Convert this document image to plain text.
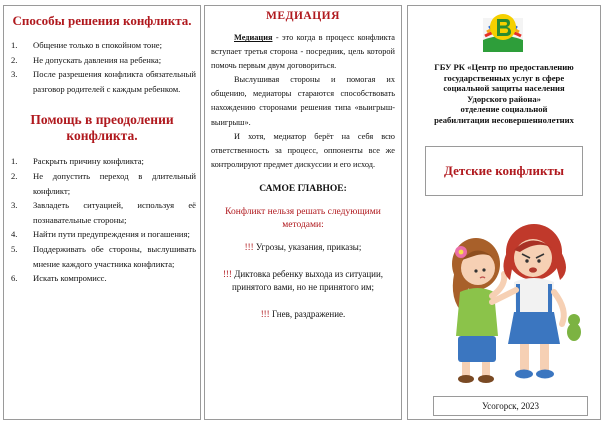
Способы решения конфликта.
1. Общение только в спокойном тоне;
2. Не допускать давления на ребенка;
3. После разрешения конфликта обязательный разговор родителей с каждым ребенком.
Помощь в преодолении конфликта.
1. Раскрыть причину конфликта;
2. Не допустить переход в длительный конфликт;
3. Завладеть ситуацией, используя её познавательные стороны;
4. Найти пути предупреждения и погашения;
5. Поддерживать обе стороны, выслушивать мнение каждого участника конфликта;
6. Искать компромисс.
МЕДИАЦИЯ

Медиация - это когда в процесс конфликта вступает третья сторона - посредник, цель которой помочь первым двум договориться.

Выслушивая стороны и помогая их общению, медиаторы стараются способствовать нахождению сторонами решения типа «выигрыш-выигрыш».

И хотя, медиатор берёт на себя всю ответственность за процесс, оппоненты все же контролируют предмет дискуссии и его исход.

САМОЕ ГЛАВНОЕ:
Конфликт нельзя решать следующими методами:
!!! Угрозы, указания, приказы;
!!! Диктовка ребенку выхода из ситуации, принятого вами, но не принятого им;
!!! Гнев, раздражение.
ГБУ РК «Центр по предоставлению
государственных услуг в сфере
социальной защиты населения
Удорского района»
отделение социальной
реабилитации несовершеннолетних
Детские конфликты
Усогорск, 2023
